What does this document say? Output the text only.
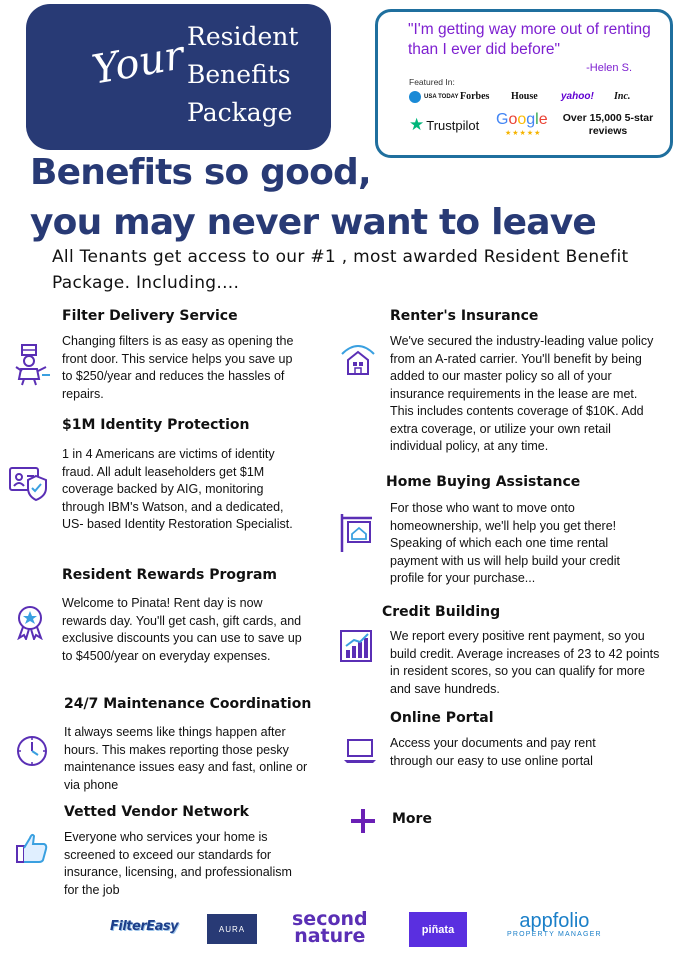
Your Resident
Benefits
Package
"I'm getting way more out of renting than I ever did before"
-Helen S.
Featured In:
USA TODAY Forbes House yahoo! Inc.
★ Trustpilot Google
★★★★★
Over 15,000 5-star reviews
Benefits so good,
you may never want to leave
All Tenants get access to our #1 , most awarded Resident Benefit Package. Including....
Filter Delivery Service
Changing filters is as easy as opening the front door. This service helps you save up to $250/year and reduces the hassles of repairs.
$1M Identity Protection
1 in 4 Americans are victims of identity fraud. All adult leaseholders get $1M coverage backed by AIG, monitoring through IBM's Watson, and a dedicated, US- based Identity Restoration Specialist.
Resident Rewards Program
Welcome to Pinata! Rent day is now rewards day. You'll get cash, gift cards, and exclusive discounts you can use to save up to $4500/year on everyday expenses.
24/7 Maintenance Coordination
It always seems like things happen after hours. This makes reporting those pesky maintenance issues easy and fast, online or via phone
Vetted Vendor Network
Everyone who services your home is screened to exceed our standards for insurance, licensing, and professionalism for the job
Renter's Insurance
We've secured the industry-leading value policy from an A-rated carrier. You'll benefit by being added to our master policy so all of your insurance requirements in the lease are met. This includes contents coverage of $10K. Add extra coverage, or utilize your own retail individual policy, at any time.
Home Buying Assistance
For those who want to move onto homeownership, we'll help you get there! Speaking of which each one time rental payment with us will help build your credit profile for your purchase...
Credit Building
We report every positive rent payment, so you build credit. Average increases of 23 to 42 points in resident scores, so you can qualify for more and save hundreds.
Online Portal
Access your documents and pay rent through our easy to use online portal
More
FilterEasy	AURA	second
nature	piñata	appfolio
PROPERTY MANAGER
